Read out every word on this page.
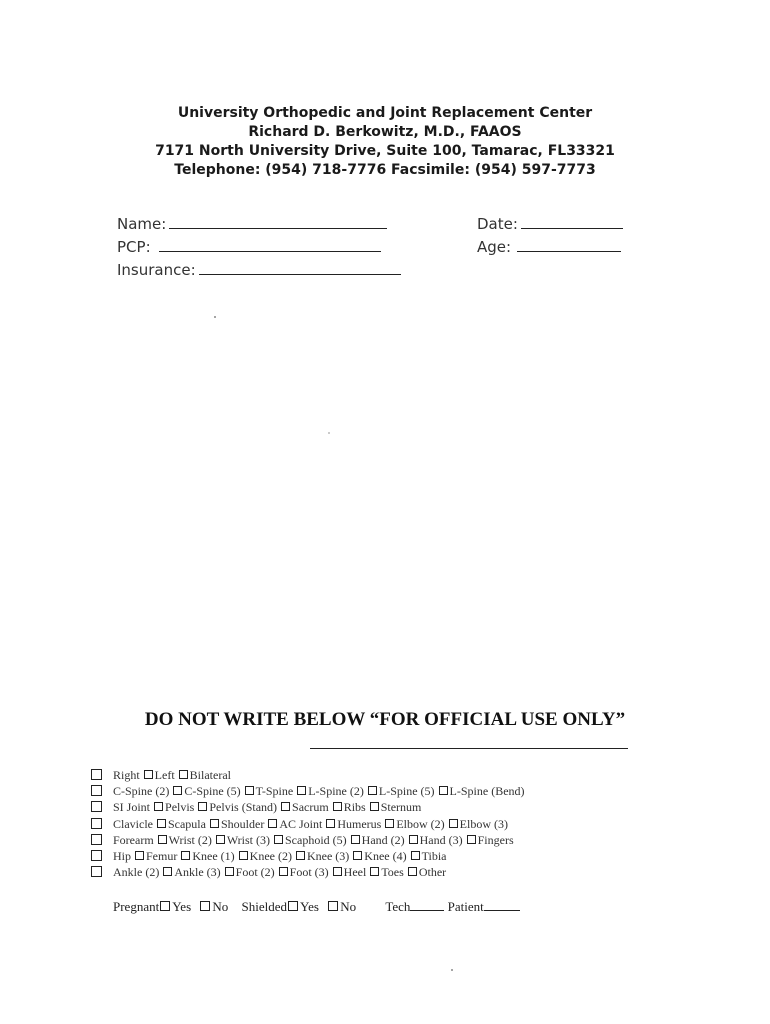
University Orthopedic and Joint Replacement Center
Richard D. Berkowitz, M.D., FAAOS
7171 North University Drive, Suite 100, Tamarac, FL33321
Telephone: (954) 718-7776 Facsimile: (954) 597-7773
Name:
PCP:
Insurance:
Date:
Age:
DO NOT WRITE BELOW “FOR OFFICIAL USE ONLY”
Right Left Bilateral
C-Spine (2) C-Spine (5) T-Spine L-Spine (2) L-Spine (5) L-Spine (Bend)
SI Joint Pelvis Pelvis (Stand) Sacrum Ribs Sternum
Clavicle Scapula Shoulder AC Joint Humerus Elbow (2) Elbow (3)
Forearm Wrist (2) Wrist (3) Scaphoid (5) Hand (2) Hand (3) Fingers
Hip Femur Knee (1) Knee (2) Knee (3) Knee (4) Tibia
Ankle (2) Ankle (3) Foot (2) Foot (3) Heel Toes Other
Pregnant Yes No Shielded Yes No Tech	Patient
